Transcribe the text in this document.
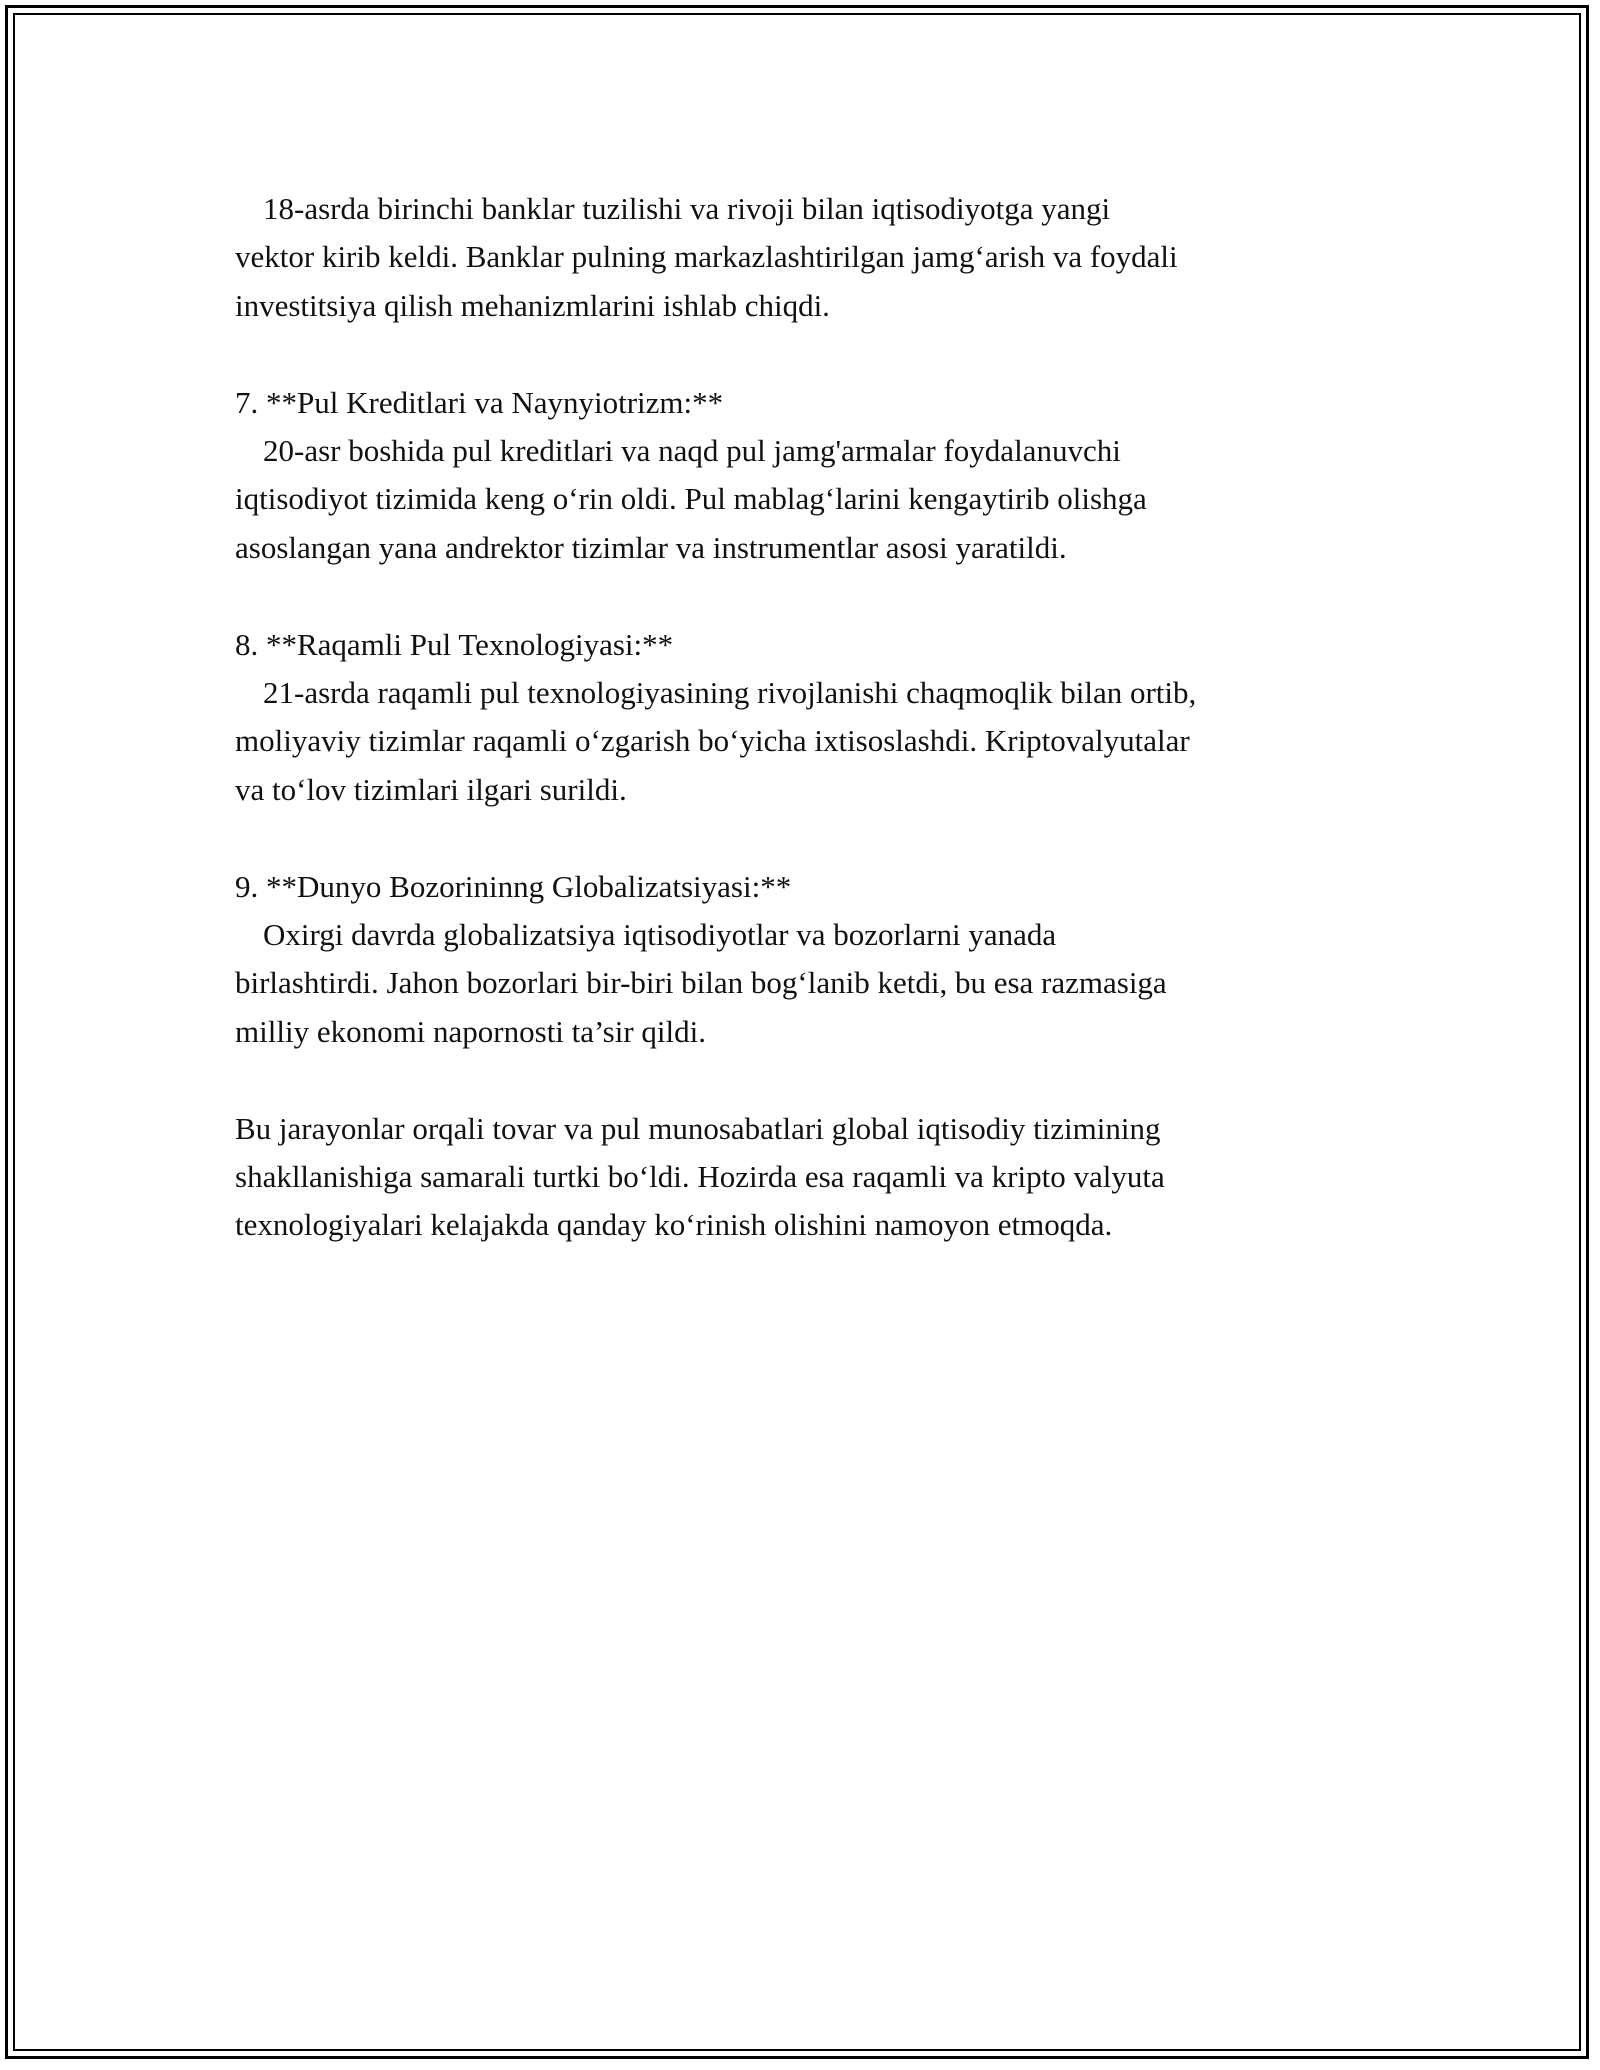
18-asrda birinchi banklar tuzilishi va rivoji bilan iqtisodiyotga yangi
vektor kirib keldi. Banklar pulning markazlashtirilgan jamg‘arish va foydali
investitsiya qilish mehanizmlarini ishlab chiqdi.
7. **Pul Kreditlari va Naynyiotrizm:**
20-asr boshida pul kreditlari va naqd pul jamg'armalar foydalanuvchi
iqtisodiyot tizimida keng o‘rin oldi. Pul mablag‘larini kengaytirib olishga
asoslangan yana andrektor tizimlar va instrumentlar asosi yaratildi.
8. **Raqamli Pul Texnologiyasi:**
21-asrda raqamli pul texnologiyasining rivojlanishi chaqmoqlik bilan ortib,
moliyaviy tizimlar raqamli o‘zgarish bo‘yicha ixtisoslashdi. Kriptovalyutalar
va to‘lov tizimlari ilgari surildi.
9. **Dunyo Bozorininng Globalizatsiyasi:**
Oxirgi davrda globalizatsiya iqtisodiyotlar va bozorlarni yanada
birlashtirdi. Jahon bozorlari bir-biri bilan bog‘lanib ketdi, bu esa razmasiga
milliy ekonomi napornosti ta’sir qildi.
Bu jarayonlar orqali tovar va pul munosabatlari global iqtisodiy tizimining
shakllanishiga samarali turtki bo‘ldi. Hozirda esa raqamli va kripto valyuta
texnologiyalari kelajakda qanday ko‘rinish olishini namoyon etmoqda.
